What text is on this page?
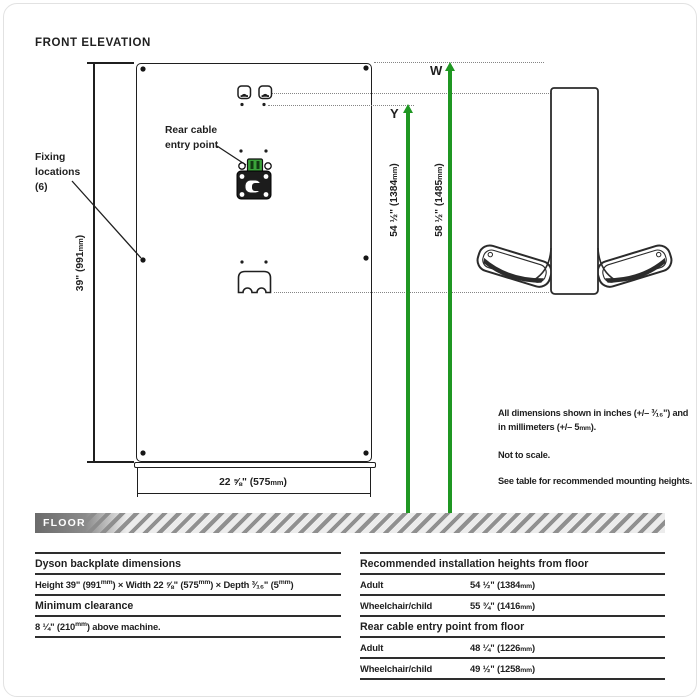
FRONT ELEVATION
39" (991mm)
22 ⅝" (575mm)
Fixing
locations
(6)
Rear cable
entry point
Y
W
54 ½" (1384mm)
58 ½" (1485mm)

All dimensions shown in inches (+/– ³⁄₁₆") and in millimeters (+/– 5mm).

Not to scale.

See table for recommended mounting heights.

FLOOR
Dyson backplate dimensions
Height 39" (991 mm ) × Width 22 ⅝" (575 mm ) × Depth ³⁄₁₆" (5 mm )
Minimum clearance
8 ¼" (210 mm ) above machine.
Recommended installation heights from floor
Adult	54 ½" (1384mm)
Wheelchair/child	55 ¾" (1416mm)
Rear cable entry point from floor
Adult	48 ¼" (1226mm)
Wheelchair/child	49 ½" (1258mm)
